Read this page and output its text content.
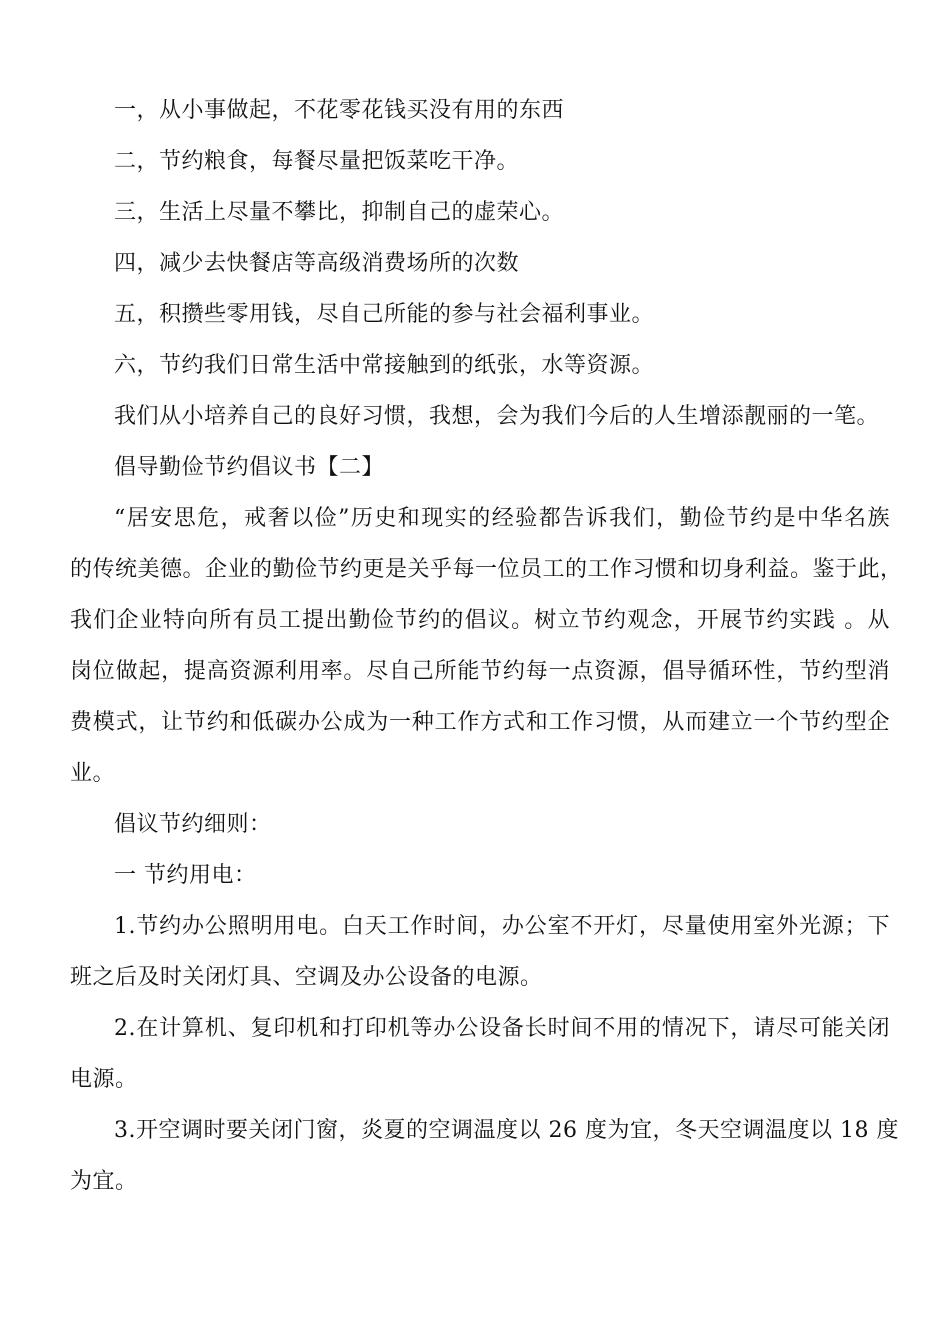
一，从小事做起，不花零花钱买没有用的东西
二，节约粮食，每餐尽量把饭菜吃干净。
三，生活上尽量不攀比，抑制自己的虚荣心。
四，减少去快餐店等高级消费场所的次数
五，积攒些零用钱，尽自己所能的参与社会福利事业。
六，节约我们日常生活中常接触到的纸张，水等资源。
我们从小培养自己的良好习惯，我想，会为我们今后的人生增添靓丽的一笔。
倡导勤俭节约倡议书【二】
“居安思危，戒奢以俭”历史和现实的经验都告诉我们，勤俭节约是中华名族
的传统美德。企业的勤俭节约更是关乎每一位员工的工作习惯和切身利益。鉴于此，
我们企业特向所有员工提出勤俭节约的倡议。树立节约观念，开展节约实践 。从
岗位做起，提高资源利用率。尽自己所能节约每一点资源，倡导循环性，节约型消
费模式，让节约和低碳办公成为一种工作方式和工作习惯，从而建立一个节约型企
业。
倡议节约细则：
一 节约用电：
1.节约办公照明用电。白天工作时间，办公室不开灯，尽量使用室外光源；下
班之后及时关闭灯具、空调及办公设备的电源。
2.在计算机、复印机和打印机等办公设备长时间不用的情况下，请尽可能关闭
电源。
3.开空调时要关闭门窗，炎夏的空调温度以 26 度为宜，冬天空调温度以 18 度
为宜。
